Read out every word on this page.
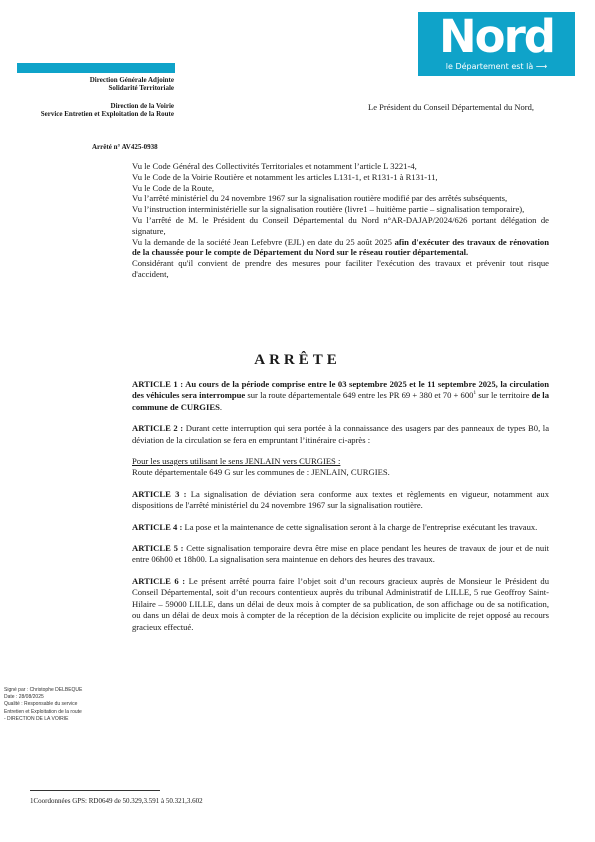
Nord
le Département est là ⟶
Direction Générale Adjointe
Solidarité Territoriale
Direction de la Voirie
Service Entretien et Exploitation de la Route
Le Président du Conseil Départemental du Nord,
Arrêté n° AV425-0938

Vu le Code Général des Collectivités Territoriales et notamment l’article L 3221-4,

Vu le Code de la Voirie Routière et notamment les articles L131-1, et R131-1 à R131-11,

Vu le Code de la Route,

Vu l’arrêté ministériel du 24 novembre 1967 sur la signalisation routière modifié par des arrêtés subséquents,

Vu l’instruction interministérielle sur la signalisation routière (livre1 – huitième partie – signalisation temporaire),

Vu l’arrêté de M. le Président du Conseil Départemental du Nord n°AR-DAJAP/2024/626 portant délégation de signature,

Vu la demande de la société Jean Lefebvre (EJL) en date du 25 août 2025 afin d'exécuter des travaux de rénovation de la chaussée pour le compte de Département du Nord sur le réseau routier départemental.

Considérant qu'il convient de prendre des mesures pour faciliter l'exécution des travaux et prévenir tout risque d'accident,

ARRÊTE

ARTICLE 1 : Au cours de la période comprise entre le 03 septembre 2025 et le 11 septembre 2025, la circulation des véhicules sera interrompue sur la route départementale 649 entre les PR 69 + 380 et $70 + 600^1$ sur le territoire de la commune de CURGIES.

ARTICLE 2 : Durant cette interruption qui sera portée à la connaissance des usagers par des panneaux de types B0, la déviation de la circulation se fera en empruntant l’itinéraire ci-après :

Pour les usagers utilisant le sens JENLAIN vers CURGIES :

Route départementale 649 G sur les communes de : JENLAIN, CURGIES.

ARTICLE 3 : La signalisation de déviation sera conforme aux textes et règlements en vigueur, notamment aux dispositions de l'arrêté ministériel du 24 novembre 1967 sur la signalisation routière.

ARTICLE 4 : La pose et la maintenance de cette signalisation seront à la charge de l'entreprise exécutant les travaux.

ARTICLE 5 : Cette signalisation temporaire devra être mise en place pendant les heures de travaux de jour et de nuit entre 06h00 et 18h00. La signalisation sera maintenue en dehors des heures des travaux.

ARTICLE 6 : Le présent arrêté pourra faire l’objet soit d’un recours gracieux auprès de Monsieur le Président du Conseil Départemental, soit d’un recours contentieux auprès du tribunal Administratif de LILLE, 5 rue Geoffroy Saint-Hilaire – 59000 LILLE, dans un délai de deux mois à compter de sa publication, de son affichage ou de sa notification, ou dans un délai de deux mois à compter de la réception de la décision explicite ou implicite de rejet opposé au recours gracieux effectué.

Signé par : Christophe DELBEQUE
Date : 28/08/2025
Qualité : Responsable du service
Entretien et Exploitation de la route
- DIRECTION DE LA VOIRIE
1Coordonnées GPS: RD0649 de 50.329,3.591 à 50.321,3.602
